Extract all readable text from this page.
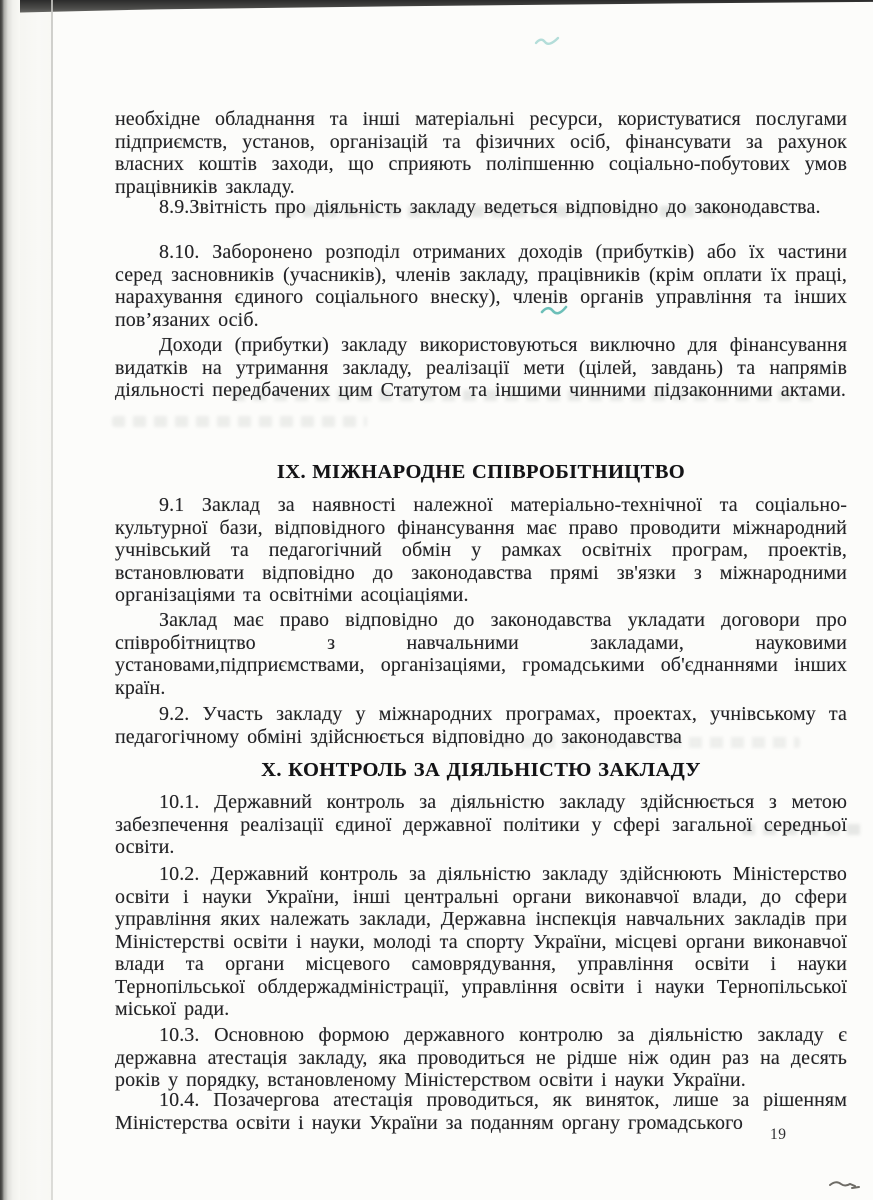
необхідне обладнання та інші матеріальні ресурси, користуватися послугами підприємств, установ, організацій та фізичних осіб, фінансувати за рахунок власних коштів заходи, що сприяють поліпшенню соціально-побутових умов працівників закладу.

8.9.Звітність про діяльність закладу ведеться відповідно до законодавства.

8.10. Заборонено розподіл отриманих доходів (прибутків) або їх частини серед засновників (учасників), членів закладу, працівників (крім оплати їх праці, нарахування єдиного соціального внеску), членів органів управління та інших пов’язаних осіб.

Доходи (прибутки) закладу використовуються виключно для фінансування видатків на утримання закладу, реалізації мети (цілей, завдань) та напрямів діяльності передбачених цим Статутом та іншими чинними підзаконними актами.

ІХ. МІЖНАРОДНЕ СПІВРОБІТНИЦТВО

9.1 Заклад за наявності належної матеріально-технічної та соціально-культурної бази, відповідного фінансування має право проводити міжнародний учнівський та педагогічний обмін у рамках освітніх програм, проектів, встановлювати відповідно до законодавства прямі зв'язки з міжнародними організаціями та освітніми асоціаціями.

Заклад має право відповідно до законодавства укладати договори про співробітництво з навчальними закладами, науковими установами,підприємствами, організаціями, громадськими об'єднаннями інших країн.

9.2. Участь закладу у міжнародних програмах, проектах, учнівському та педагогічному обміні здійснюється відповідно до законодавства

Х. КОНТРОЛЬ ЗА ДІЯЛЬНІСТЮ ЗАКЛАДУ

10.1. Державний контроль за діяльністю закладу здійснюється з метою забезпечення реалізації єдиної державної політики у сфері загальної середньої освіти.

10.2. Державний контроль за діяльністю закладу здійснюють Міністерство освіти і науки України, інші центральні органи виконавчої влади, до сфери управління яких належать заклади, Державна інспекція навчальних закладів при Міністерстві освіти і науки, молоді та спорту України, місцеві органи виконавчої влади та органи місцевого самоврядування, управління освіти і науки Тернопільської облдержадміністрації, управління освіти і науки Тернопільської міської ради.

10.3. Основною формою державного контролю за діяльністю закладу є державна атестація закладу, яка проводиться не рідше ніж один раз на десять років у порядку, встановленому Міністерством освіти і науки України.

10.4. Позачергова атестація проводиться, як виняток, лише за рішенням Міністерства освіти і науки України за поданням органу громадського

19
